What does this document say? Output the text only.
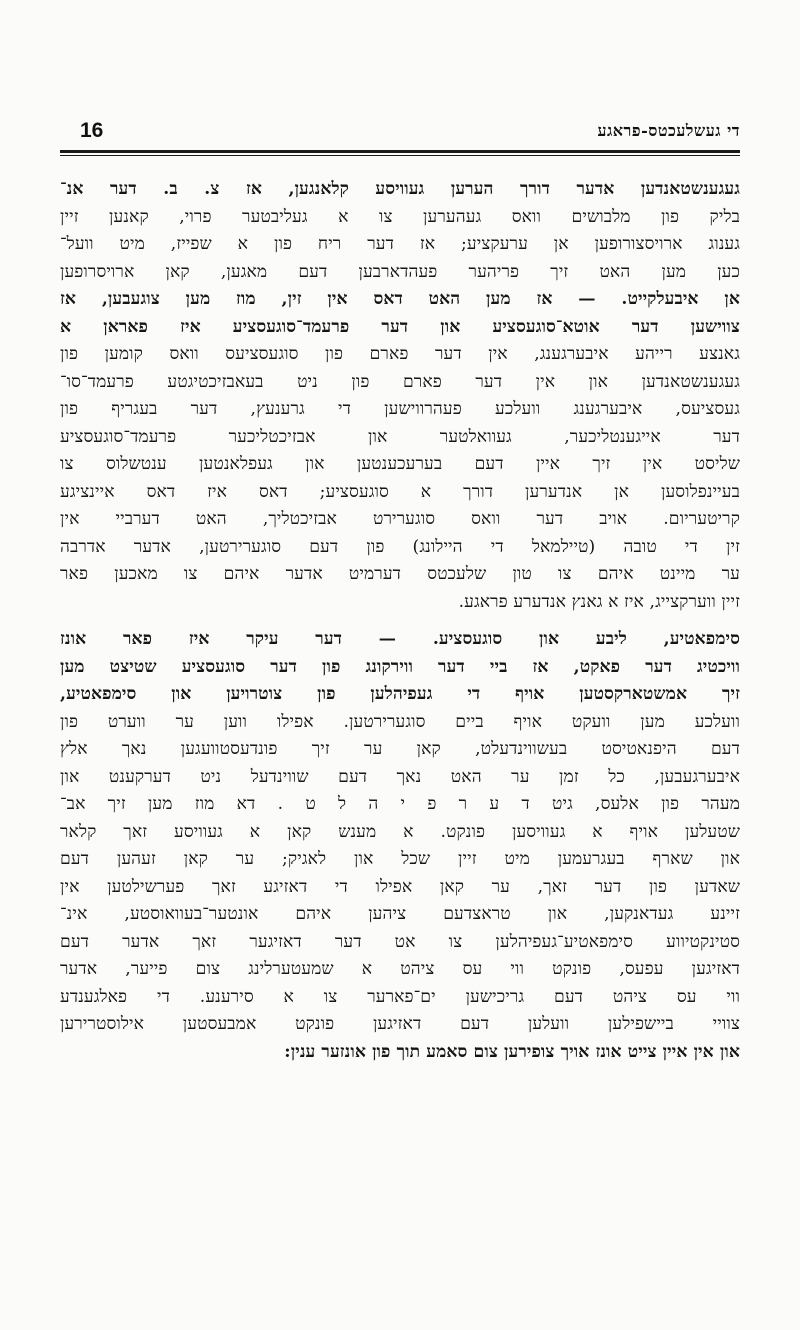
16	די געשלעכטס-פראגע
געגענשטאנדען אדער דורך הערען געוויסע קלאנגען, אז צ. ב. דער אנ־
בליק פון מלבושים וואס געהערען צו א געליבטער פרוי, קאנען זיין
גענוג ארויסצורופען אן ערעקציע; אז דער ריח פון א שפייז, מיט וועל־
כען מען האט זיך פריהער פעהדארבען דעם מאגען, קאן ארויסרופען
אן איבעלקייט. — אז מען האט דאס אין זין, מוז מען צוגעבען, אז
צווישען דער אוטא־סוגעסציע און דער פרעמד־סוגעסציע איז פאראן א
גאנצע רייהע איבערגענג, אין דער פארם פון סוגעסציעס וואס קומען פון
געגענשטאנדען און אין דער פארם פון ניט בעאבזיכטיגטע פרעמד־סו־
געסציעס, איבערגענג וועלכע פעהרווישען די גרענעץ, דער בעגריף פון
דער אייגענטליכער, געוואלטער און אבזיכטליכער פרעמד־סוגעסציע
שליסט אין זיך איין דעם בערעכענטען און געפלאנטען ענטשלוס צו
בעיינפלוסען אן אנדערען דורך א סוגעסציע; דאס איז דאס איינציגע
קריטעריום. אויב דער וואס סוגערירט אבזיכטליך, האט דערביי אין
זין די טובה (טיילמאל די היילונג) פון דעם סוגערירטען, אדער אדרבה
ער מיינט איהם צו טון שלעכטס דערמיט אדער איהם צו מאכען פאר
זיין ווערקצייג, איז א גאנץ אנדערע פראגע.
סימפאטיע, ליבע און סוגעסציע. — דער עיקר איז פאר אונז
וויכטיג דער פאקט, אז ביי דער ווירקונג פון דער סוגעסציע שטיצט מען
זיך אמשטארקסטען אויף די געפיהלען פון צוטרויען און סימפאטיע,
וועלכע מען וועקט אויף ביים סוגערירטען. אפילו ווען ער ווערט פון
דעם היפנאטיסט בעשווינדעלט, קאן ער זיך פונדעסטוועגען נאך אלץ
איבערגעבען, כל זמן ער האט נאך דעם שווינדעל ניט דערקענט און
מעהר פון אלעס, גיט ד ע ר פ י ה ל ט . דא מוז מען זיך אב־
שטעלען אויף א געוויסען פונקט. א מענש קאן א געוויסע זאך קלאר
און שארף בעגרעמען מיט זיין שכל און לאגיק; ער קאן זעהען דעם
שאדען פון דער זאך, ער קאן אפילו די דאזיגע זאך פערשילטען אין
זיינע געדאנקען, און טראצדעם ציהען איהם אונטער־בעוואוסטע, אינ־
סטינקטיווע סימפאטיע־געפיהלען צו אט דער דאזיגער זאך אדער דעם
דאזיגען עפעס, פונקט ווי עס ציהט א שמעטערלינג צום פייער, אדער
ווי עס ציהט דעם גריכישען ים־פארער צו א סירענע. די פאלגענדע
צוויי ביישפילען וועלען דעם דאזיגען פונקט אמבעסטען אילוסטרירען
און אין איין צייט אונז אויך צופירען צום סאמע תוך פון אונזער ענין:
